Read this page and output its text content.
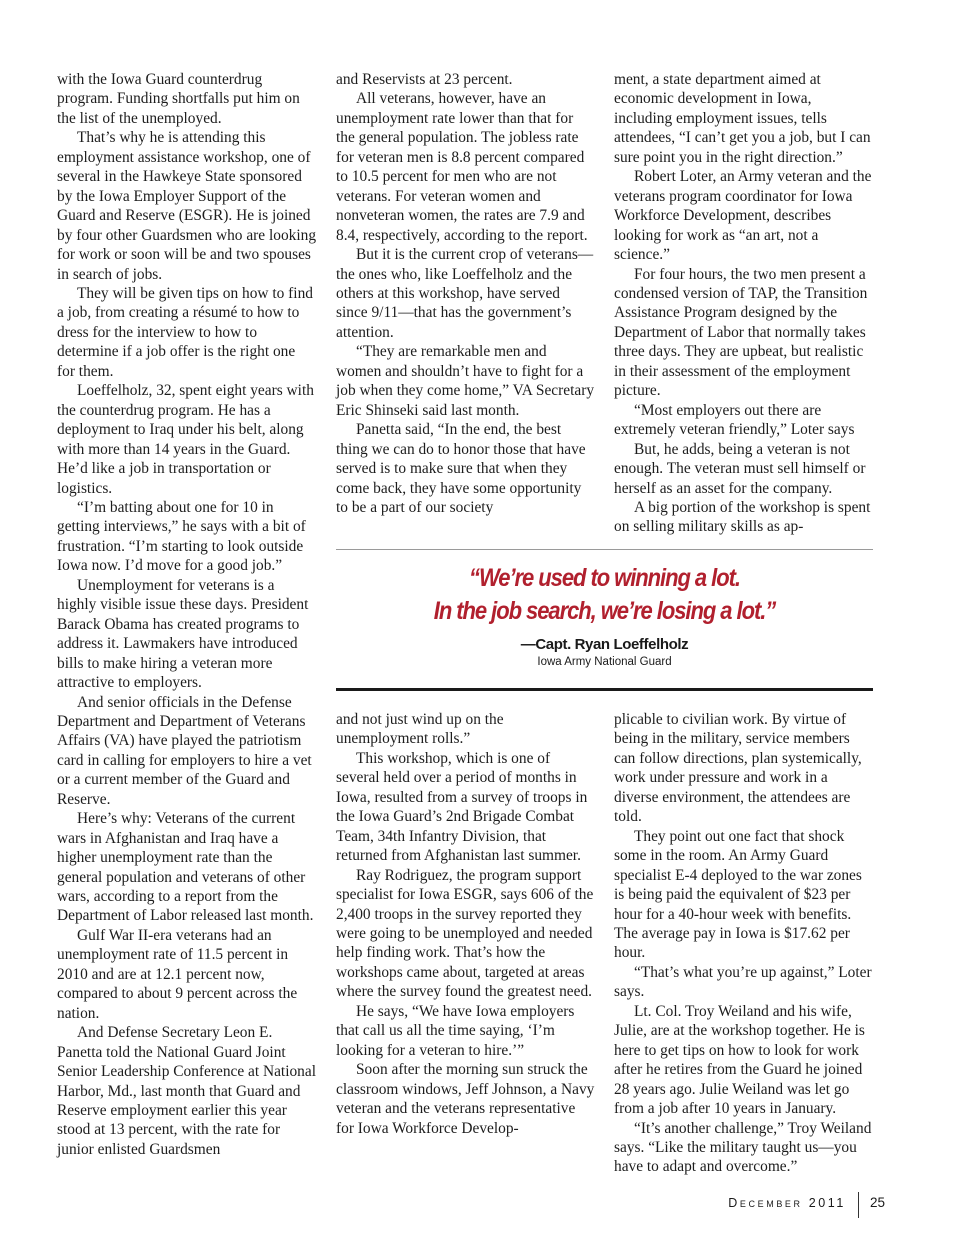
with the Iowa Guard counterdrug program. Funding shortfalls put him on the list of the unemployed.

That’s why he is attending this employment assistance workshop, one of several in the Hawkeye State sponsored by the Iowa Employer Support of the Guard and Reserve (ESGR). He is joined by four other Guardsmen who are looking for work or soon will be and two spouses in search of jobs.

They will be given tips on how to find a job, from creating a résumé to how to dress for the interview to how to determine if a job offer is the right one for them.

Loeffelholz, 32, spent eight years with the counterdrug program. He has a deployment to Iraq under his belt, along with more than 14 years in the Guard. He’d like a job in transportation or logistics.

“I’m batting about one for 10 in getting interviews,” he says with a bit of frustration. “I’m starting to look outside Iowa now. I’d move for a good job.”

Unemployment for veterans is a highly visible issue these days. President Barack Obama has created programs to address it. Lawmakers have introduced bills to make hiring a veteran more attractive to employers.

And senior officials in the Defense Department and Department of Veterans Affairs (VA) have played the patriotism card in calling for employers to hire a vet or a current member of the Guard and Reserve.

Here’s why: Veterans of the current wars in Afghanistan and Iraq have a higher unemployment rate than the general population and veterans of other wars, according to a report from the Department of Labor released last month.

Gulf War II-era veterans had an unemployment rate of 11.5 percent in 2010 and are at 12.1 percent now, compared to about 9 percent across the nation.

And Defense Secretary Leon E. Panetta told the National Guard Joint Senior Leadership Conference at National Harbor, Md., last month that Guard and Reserve employment earlier this year stood at 13 percent, with the rate for junior enlisted Guardsmen

and Reservists at 23 percent.

All veterans, however, have an unemployment rate lower than that for the general population. The jobless rate for veteran men is 8.8 percent compared to 10.5 percent for men who are not veterans. For veteran women and nonveteran women, the rates are 7.9 and 8.4, respectively, according to the report.

But it is the current crop of veterans—the ones who, like Loeffelholz and the others at this workshop, have served since 9/11—that has the government’s attention.

“They are remarkable men and women and shouldn’t have to fight for a job when they come home,” VA Secretary Eric Shinseki said last month.

Panetta said, “In the end, the best thing we can do to honor those that have served is to make sure that when they come back, they have some opportunity to be a part of our society

ment, a state department aimed at economic development in Iowa, including employment issues, tells attendees, “I can’t get you a job, but I can sure point you in the right direction.”

Robert Loter, an Army veteran and the veterans program coordinator for Iowa Workforce Development, describes looking for work as “an art, not a science.”

For four hours, the two men present a condensed version of TAP, the Transition Assistance Program designed by the Department of Labor that normally takes three days. They are upbeat, but realistic in their assessment of the employment picture.

“Most employers out there are extremely veteran friendly,” Loter says

But, he adds, being a veteran is not enough. The veteran must sell himself or herself as an asset for the company.

A big portion of the workshop is spent on selling military skills as ap-

“We’re used to winning a lot.
In the job search, we’re losing a lot.”
—Capt. Ryan Loeffelholz
Iowa Army National Guard

and not just wind up on the unemployment rolls.”

This workshop, which is one of several held over a period of months in Iowa, resulted from a survey of troops in the Iowa Guard’s 2nd Brigade Combat Team, 34th Infantry Division, that returned from Afghanistan last summer.

Ray Rodriguez, the program support specialist for Iowa ESGR, says 606 of the 2,400 troops in the survey reported they were going to be unemployed and needed help finding work. That’s how the workshops came about, targeted at areas where the survey found the greatest need.

He says, “We have Iowa employers that call us all the time saying, ‘I’m looking for a veteran to hire.’”

Soon after the morning sun struck the classroom windows, Jeff Johnson, a Navy veteran and the veterans representative for Iowa Workforce Develop-

plicable to civilian work. By virtue of being in the military, service members can follow directions, plan systemically, work under pressure and work in a diverse environment, the attendees are told.

They point out one fact that shock some in the room. An Army Guard specialist E-4 deployed to the war zones is being paid the equivalent of $23 per hour for a 40-hour week with benefits. The average pay in Iowa is $17.62 per hour.

“That’s what you’re up against,” Loter says.

Lt. Col. Troy Weiland and his wife, Julie, are at the workshop together. He is here to get tips on how to look for work after he retires from the Guard he joined 28 years ago. Julie Weiland was let go from a job after 10 years in January.

“It’s another challenge,” Troy Weiland says. “Like the military taught us—you have to adapt and overcome.”

December 2011 25
